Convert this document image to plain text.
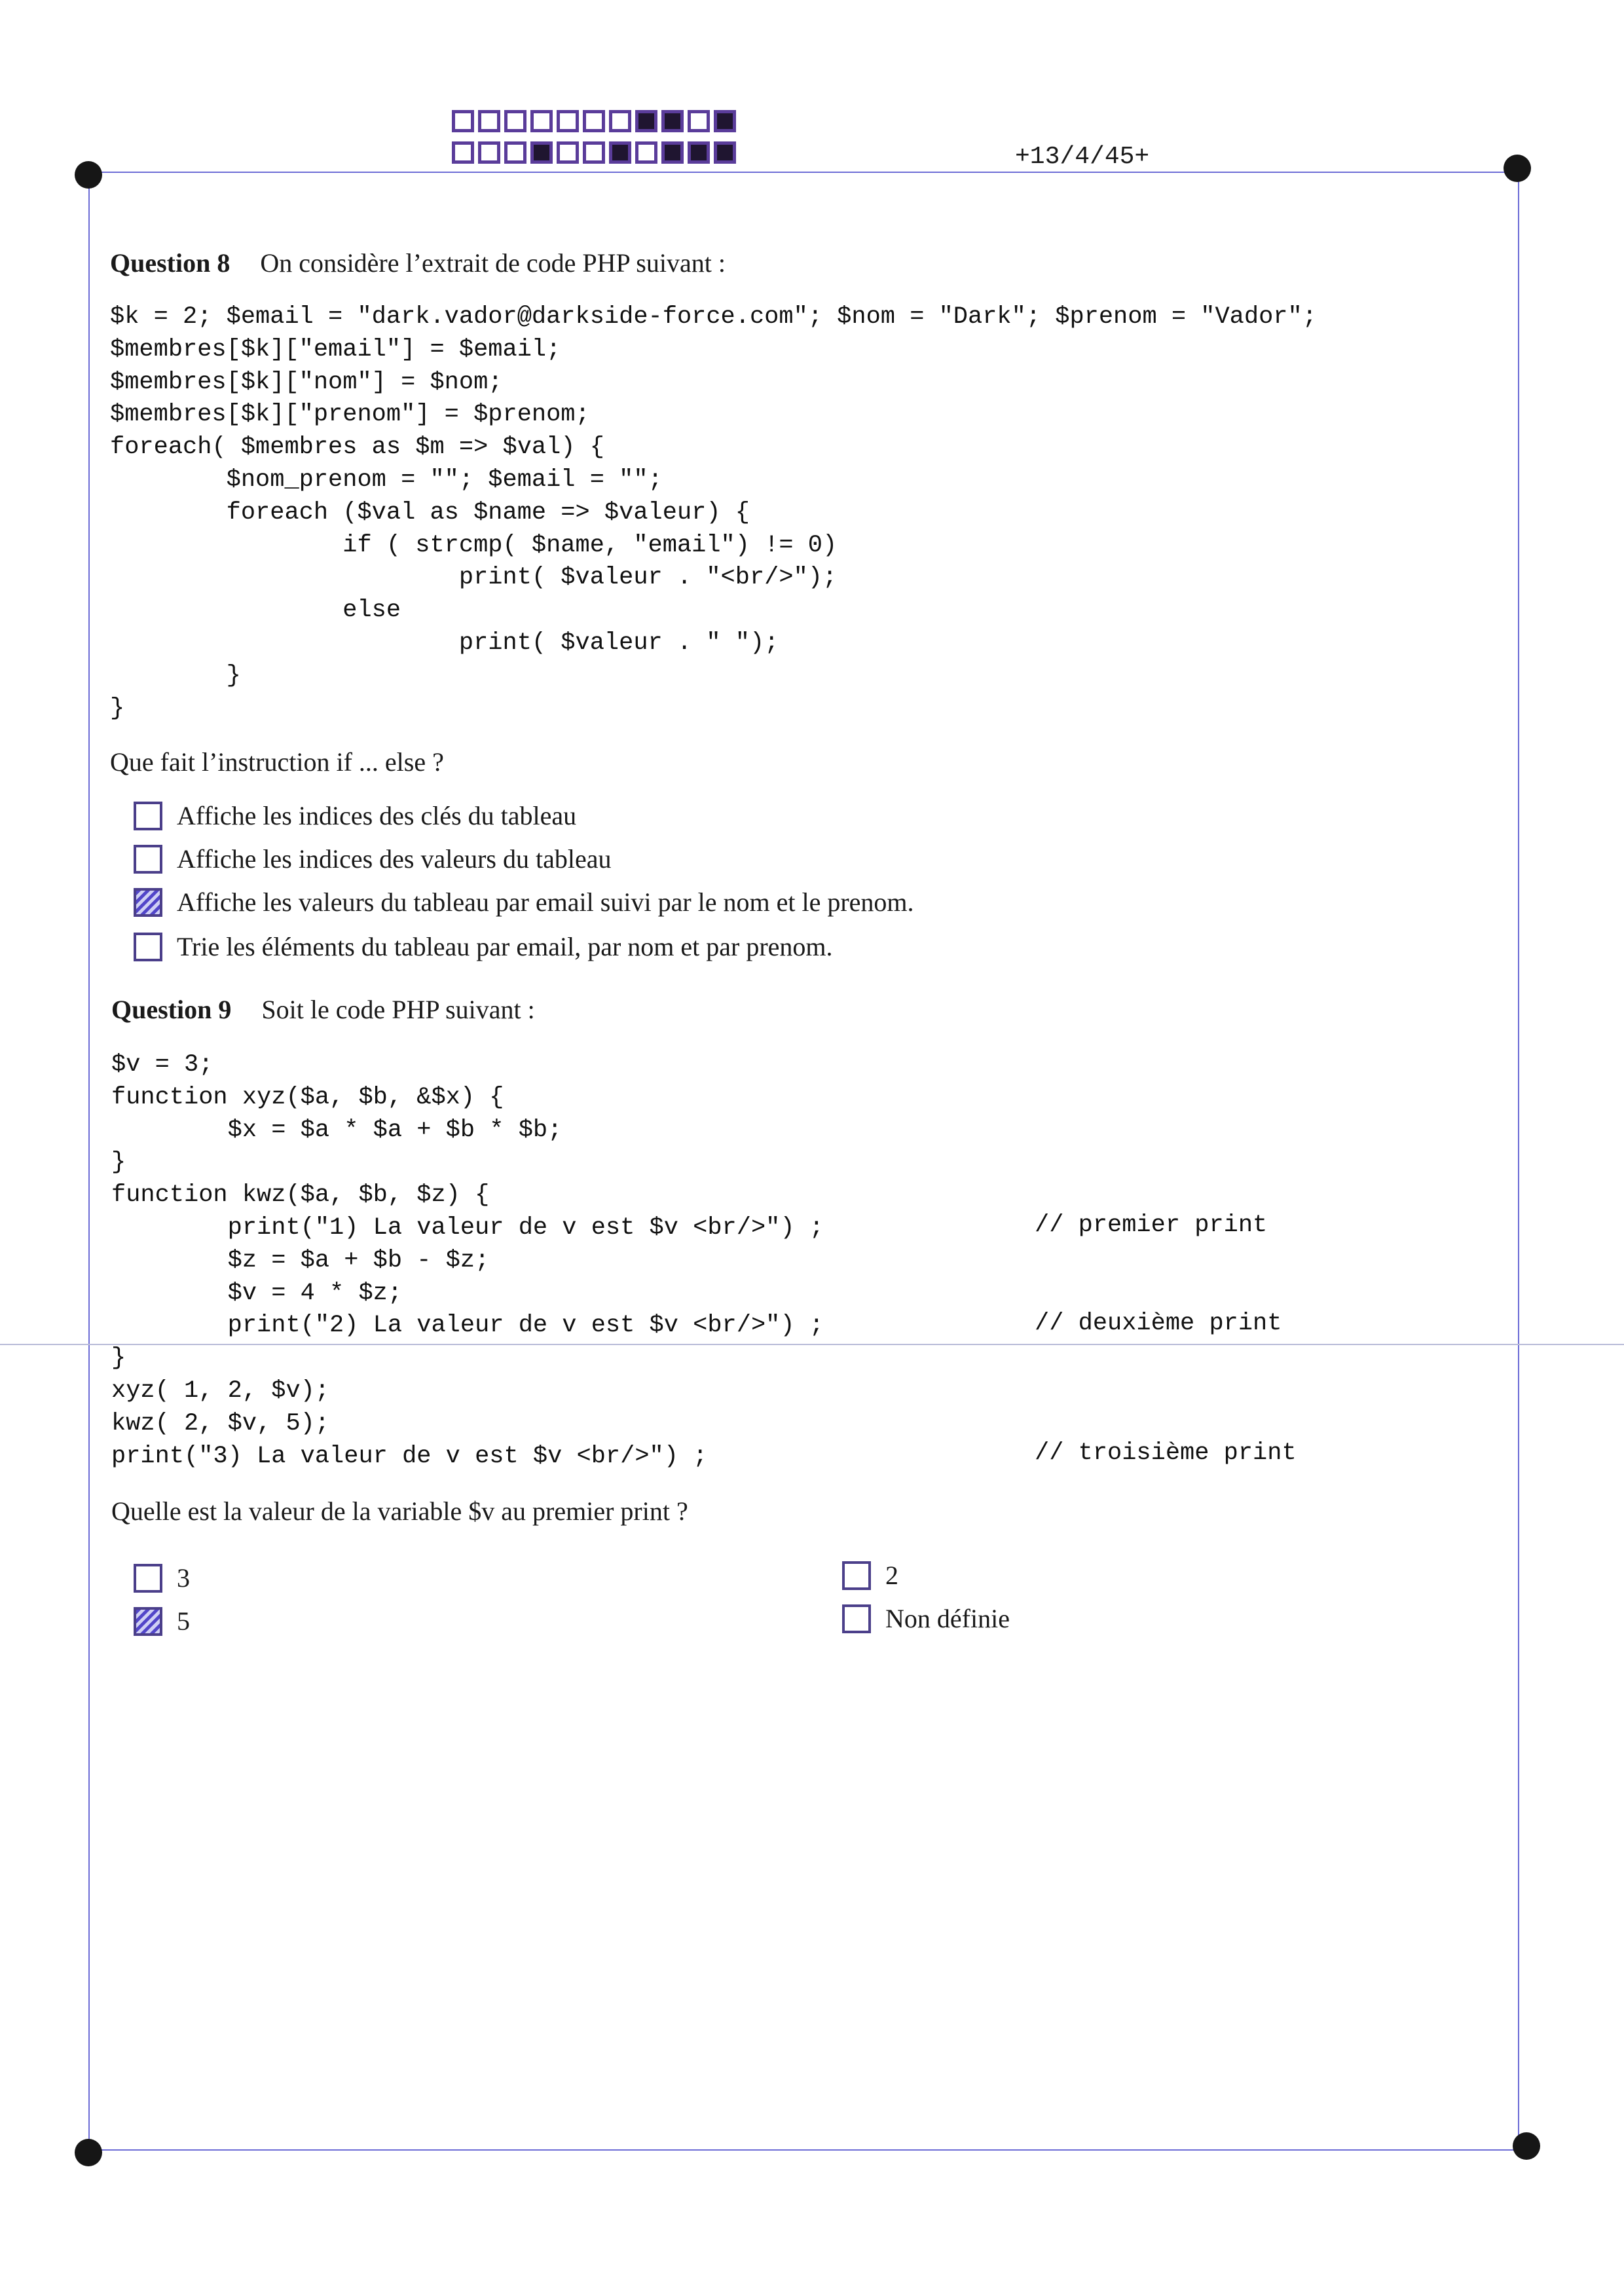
+13/4/45+
Question 8 On considère l’extrait de code PHP suivant :
$k = 2; $email = "dark.vador@darkside-force.com"; $nom = "Dark"; $prenom = "Vador";
$membres[$k]["email"] = $email;
$membres[$k]["nom"] = $nom;
$membres[$k]["prenom"] = $prenom;
foreach( $membres as $m => $val) {
$nom_prenom = ""; $email = "";
foreach ($val as $name => $valeur) {
if ( strcmp( $name, "email") != 0)
print( $valeur . "<br/>");
else
print( $valeur . " ");
}
}
Que fait l’instruction if ... else ?
Affiche les indices des clés du tableau
Affiche les indices des valeurs du tableau
Affiche les valeurs du tableau par email suivi par le nom et le prenom.
Trie les éléments du tableau par email, par nom et par prenom.
Question 9 Soit le code PHP suivant :
$v = 3;
function xyz($a, $b, &$x) {
$x = $a * $a + $b * $b;
}
function kwz($a, $b, $z) {
print("1) La valeur de v est $v <br/>") ;
$z = $a + $b - $z;
$v = 4 * $z;
print("2) La valeur de v est $v <br/>") ;
}
xyz( 1, 2, $v);
kwz( 2, $v, 5);
print("3) La valeur de v est $v <br/>") ;
// premier print
// deuxième print
// troisième print
Quelle est la valeur de la variable $v au premier print ?
3
5
2
Non définie
